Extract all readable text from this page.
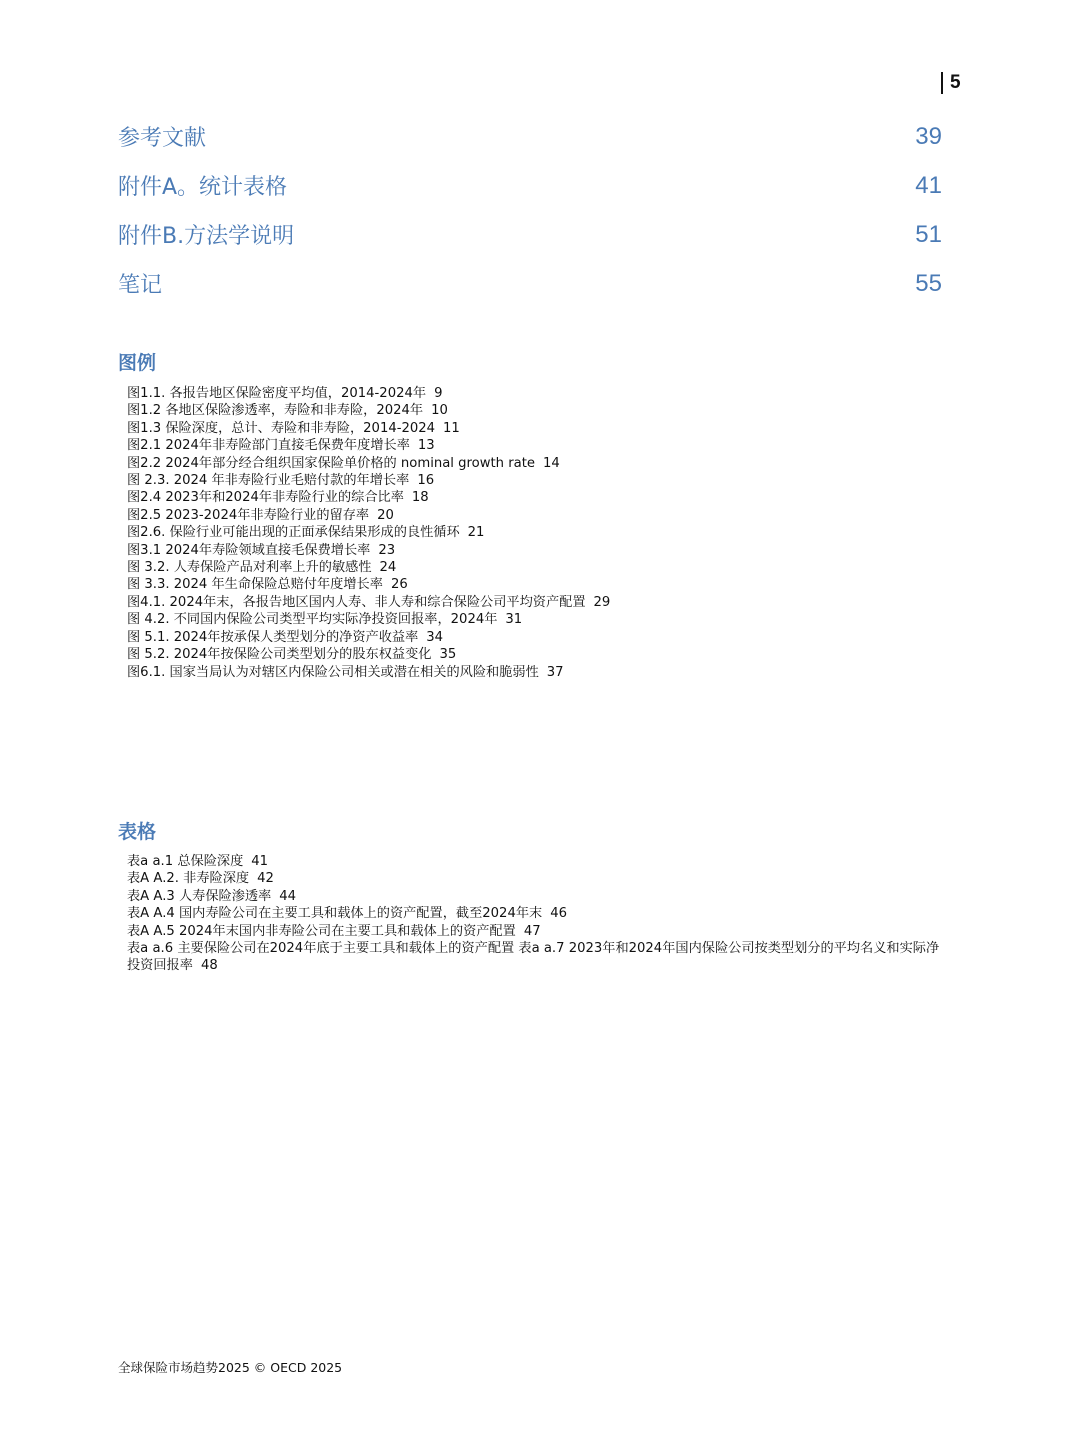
5
参考文献	39
附件A。统计表格	41
附件B.方法学说明	51
笔记	55
图例
图1.1. 各报告地区保险密度平均值，2014-2024年 9
图1.2 各地区保险渗透率，寿险和非寿险，2024年 10
图1.3 保险深度，总计、寿险和非寿险，2014-2024 11
图2.1 2024年非寿险部门直接毛保费年度增长率 13
图2.2 2024年部分经合组织国家保险单价格的 nominal growth rate 14
图 2.3. 2024 年非寿险行业毛赔付款的年增长率 16
图2.4 2023年和2024年非寿险行业的综合比率 18
图2.5 2023-2024年非寿险行业的留存率 20
图2.6. 保险行业可能出现的正面承保结果形成的良性循环 21
图3.1 2024年寿险领域直接毛保费增长率 23
图 3.2. 人寿保险产品对利率上升的敏感性 24
图 3.3. 2024 年生命保险总赔付年度增长率 26
图4.1. 2024年末，各报告地区国内人寿、非人寿和综合保险公司平均资产配置 29
图 4.2. 不同国内保险公司类型平均实际净投资回报率，2024年 31
图 5.1. 2024年按承保人类型划分的净资产收益率 34
图 5.2. 2024年按保险公司类型划分的股东权益变化 35
图6.1. 国家当局认为对辖区内保险公司相关或潜在相关的风险和脆弱性 37
表格
表a a.1 总保险深度 41
表A A.2. 非寿险深度 42
表A A.3 人寿保险渗透率 44
表A A.4 国内寿险公司在主要工具和载体上的资产配置，截至2024年末 46
表A A.5 2024年末国内非寿险公司在主要工具和载体上的资产配置 47
表a a.6 主要保险公司在2024年底于主要工具和载体上的资产配置 表a a.7 2023年和2024年国内保险公司按类型划分的平均名义和实际净投资回报率 48
全球保险市场趋势2025 © OECD 2025
